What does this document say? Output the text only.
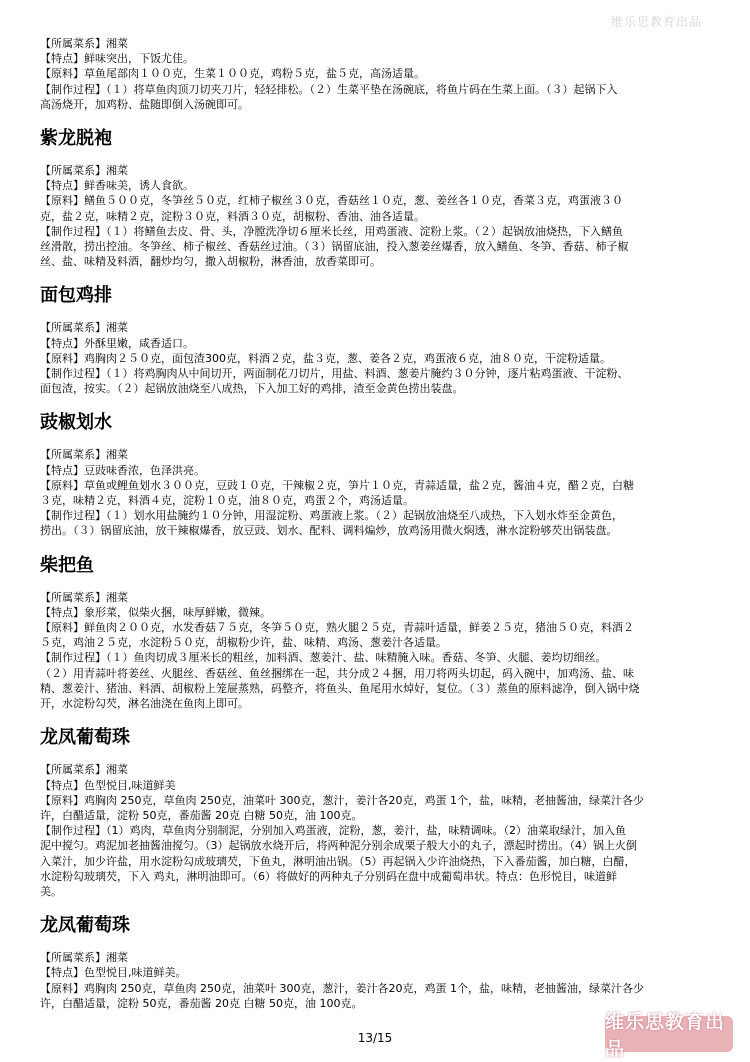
维乐思教育出品

【所属菜系】湘菜

【特点】鲜味突出，下饭尤佳。

【原料】草鱼尾部肉１００克，生菜１００克，鸡粉５克，盐５克，高汤适量。

【制作过程】（１）将草鱼肉顶刀切夹刀片，轻轻排松。（２）生菜平垫在汤碗底，将鱼片码在生菜上面。（３）起锅下入

高汤烧开，加鸡粉、盐随即倒入汤碗即可。

紫龙脱袍

【所属菜系】湘菜

【特点】鲜香味美，诱人食欲。

【原料】鳝鱼５００克，冬笋丝５０克，红柿子椒丝３０克，香菇丝１０克，葱、姜丝各１０克，香菜３克，鸡蛋液３０

克，盐２克，味精２克，淀粉３０克，料酒３０克，胡椒粉、香油、油各适量。

【制作过程】（１）将鳝鱼去皮、骨、头，净膛洗净切６厘米长丝，用鸡蛋液、淀粉上浆。（２）起锅放油烧热，下入鳝鱼

丝滑散，捞出控油。冬笋丝、柿子椒丝、香菇丝过油。（３）锅留底油，投入葱姜丝爆香，放入鳝鱼、冬笋、香菇、柿子椒

丝、盐、味精及料酒，翻炒均匀，撒入胡椒粉，淋香油，放香菜即可。

面包鸡排

【所属菜系】湘菜

【特点】外酥里嫩，咸香适口。

【原料】鸡胸肉２５０克，面包渣300克，料酒２克，盐３克，葱、姜各２克，鸡蛋液６克，油８０克，干淀粉适量。

【制作过程】（１）将鸡胸肉从中间切开，两面制花刀切片，用盐、料酒、葱姜片腌约３０分钟，逐片粘鸡蛋液、干淀粉、

面包渣，按实。（２）起锅放油烧至八成热，下入加工好的鸡排，渣至金黄色捞出装盘。

豉椒划水

【所属菜系】湘菜

【特点】豆豉味香浓，色泽洪亮。

【原料】草鱼或鲤鱼划水３００克，豆豉１０克，干辣椒２克，笋片１０克，青蒜适量，盐２克，酱油４克，醋２克，白糖

３克，味精２克，料酒４克，淀粉１０克，油８０克，鸡蛋２个，鸡汤适量。

【制作过程】（１）划水用盐腌约１０分钟，用湿淀粉、鸡蛋液上浆。（２）起锅放油烧至八成热，下入划水炸至金黄色，

捞出。（３）锅留底油，放干辣椒爆香，放豆豉、划水、配料、调料煸炒，放鸡汤用微火焖透，淋水淀粉够芡出锅装盘。

柴把鱼

【所属菜系】湘菜

【特点】象形菜，似柴火捆，味厚鲜嫩，微辣。

【原料】鲜鱼肉２００克，水发香菇７５克，冬笋５０克，熟火腿２５克，青蒜叶适量，鲜姜２５克，猪油５０克，料酒２

５克，鸡油２５克，水淀粉５０克，胡椒粉少许，盐、味精、鸡汤、葱姜汁各适量。

【制作过程】（１）鱼肉切成３厘米长的粗丝，加料酒、葱姜汁、盐、味精腌入味。香菇、冬笋、火腿、姜均切细丝。

（２）用青蒜叶将姜丝、火腿丝、香菇丝、鱼丝捆绑在一起，共分成２４捆，用刀将两头切起，码入碗中，加鸡汤、盐、味

精、葱姜汁、猪油、料酒、胡椒粉上笼屉蒸熟，码整齐，将鱼头、鱼尾用水焯好，复位。（３）蒸鱼的原料滤净，倒入锅中烧

开，水淀粉勾芡，淋名油浇在鱼肉上即可。

龙凤葡萄珠

【所属菜系】湘菜

【特点】色型悦目,味道鲜美

【原料】鸡胸肉 250克，草鱼肉 250克，油菜叶 300克，葱汁，姜汁各20克，鸡蛋 1个，盐，味精，老抽酱油，绿菜汁各少

许，白醋适量，淀粉 50克，番茄酱 20克 白糖 50克，油 100克。

【制作过程】（1）鸡肉，草鱼肉分别制泥，分别加入鸡蛋液，淀粉，葱，姜汁，盐，味精调味。（2）油菜取绿汁，加入鱼

泥中搅匀。鸡泥加老抽酱油搅匀。（3）起锅放水烧开后，将两种泥分别余成栗子般大小的丸子，漂起时捞出。（4）锅上火倒

入菜汁，加少许盐，用水淀粉勾成玻璃芡，下鱼丸，淋明油出锅。（5）再起锅入少许油烧热，下入番茄酱，加白糖，白醋，

水淀粉勾玻璃芡，下入 鸡丸，淋明油即可。（6）将做好的两种丸子分别码在盘中成葡萄串状。特点：色形悦目，味道鲜

美。

龙凤葡萄珠

【所属菜系】湘菜

【特点】色型悦目,味道鲜美。

【原料】鸡胸肉 250克，草鱼肉 250克，油菜叶 300克，葱汁，姜汁各20克，鸡蛋 1个，盐，味精，老抽酱油，绿菜汁各少

许，白醋适量，淀粉 50克，番茄酱 20克 白糖 50克，油 100克。

13/15
维乐思教育出品
